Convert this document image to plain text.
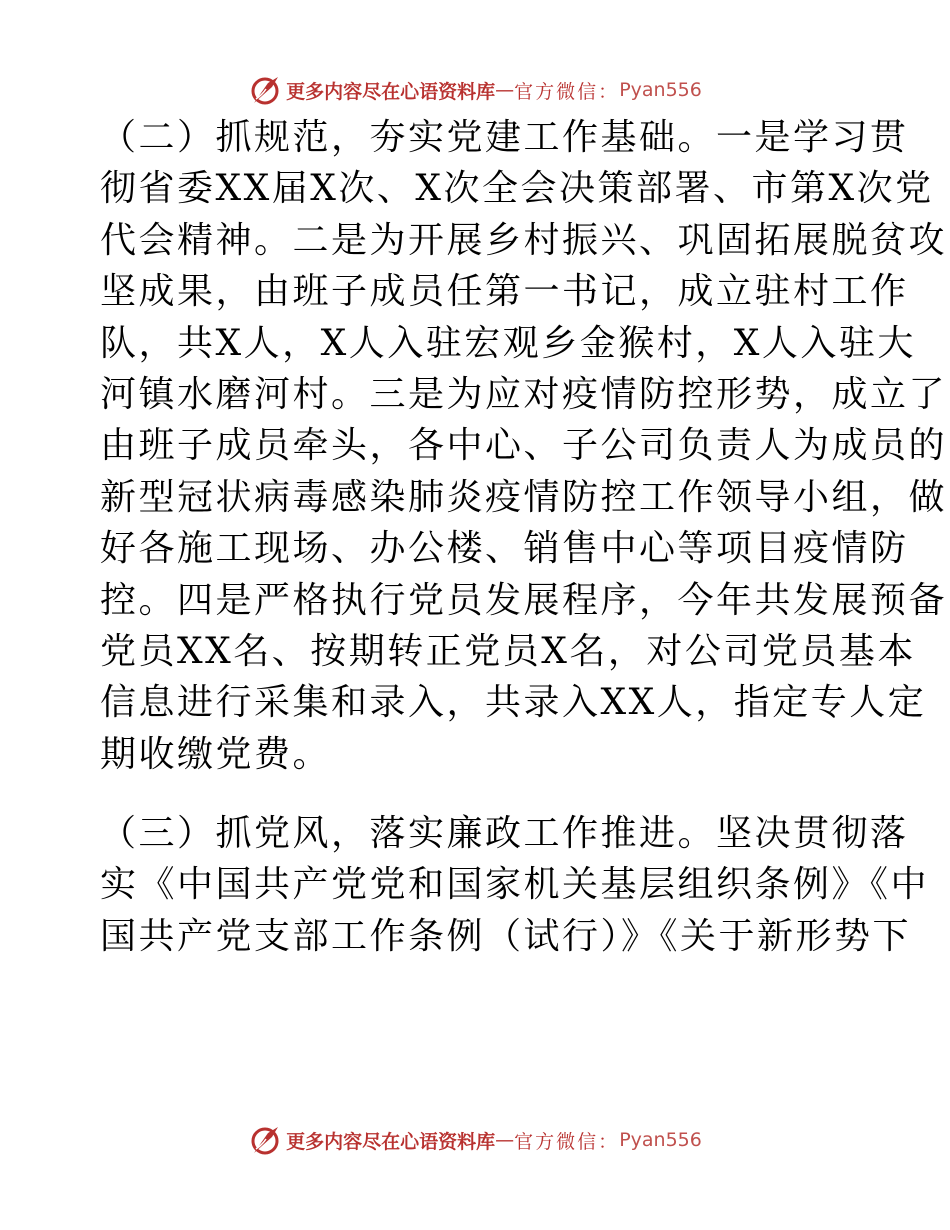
更多内容尽在心语资料库 — 官方微信： Pyan556
（二）抓规范，夯实党建工作基础。一是学习贯
彻省委XX届X次、X次全会决策部署、市第X次党
代会精神。二是为开展乡村振兴、巩固拓展脱贫攻
坚成果，由班子成员任第一书记，成立驻村工作
队，共X人，X人入驻宏观乡金猴村，X人入驻大
河镇水磨河村。三是为应对疫情防控形势，成立了
由班子成员牵头，各中心、子公司负责人为成员的
新型冠状病毒感染肺炎疫情防控工作领导小组，做
好各施工现场、办公楼、销售中心等项目疫情防
控。四是严格执行党员发展程序，今年共发展预备
党员XX名、按期转正党员X名，对公司党员基本
信息进行采集和录入，共录入XX人，指定专人定
期收缴党费。
（三）抓党风，落实廉政工作推进。坚决贯彻落
实《中国共产党党和国家机关基层组织条例》《中
国共产党支部工作条例（试行）》《关于新形势下
更多内容尽在心语资料库 — 官方微信： Pyan556
